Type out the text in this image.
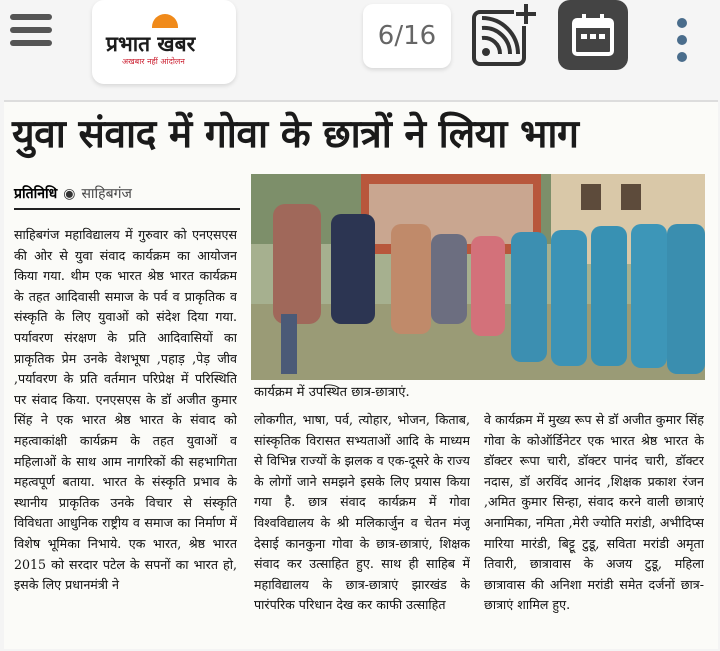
प्रभात खबर
अखबार नहीं आंदोलन
6/16
युवा संवाद में गोवा के छात्रों ने लिया भाग
प्रतिनिधि ◉ साहिबगंज
साहिबगंज महाविद्यालय में गुरुवार को एनएसएस की ओर से युवा संवाद कार्यक्रम का आयोजन किया गया. थीम एक भारत श्रेष्ठ भारत कार्यक्रम के तहत आदिवासी समाज के पर्व व प्राकृतिक व संस्कृति के लिए युवाओं को संदेश दिया गया. पर्यावरण संरक्षण के प्रति आदिवासियों का प्राकृतिक प्रेम उनके वेशभूषा ,पहाड़ ,पेड़ जीव ,पर्यावरण के प्रति वर्तमान परिप्रेक्ष में परिस्थिति पर संवाद किया. एनएसएस के डॉ अजीत कुमार सिंह ने एक भारत श्रेष्ठ भारत के संवाद को महत्वाकांक्षी कार्यक्रम के तहत युवाओं व महिलाओं के साथ आम नागरिकों की सहभागिता महत्वपूर्ण बताया. भारत के संस्कृति प्रभाव के स्थानीय प्राकृतिक उनके विचार से संस्कृति विविधता आधुनिक राष्ट्रीय व समाज का निर्माण में विशेष भूमिका निभाये. एक भारत, श्रेष्ठ भारत 2015 को सरदार पटेल के सपनों का भारत हो, इसके लिए प्रधानमंत्री ने
कार्यक्रम में उपस्थित छात्र-छात्राएं.
लोकगीत, भाषा, पर्व, त्योहार, भोजन, किताब, सांस्कृतिक विरासत सभ्यताओं आदि के माध्यम से विभिन्न राज्यों के झलक व एक-दूसरे के राज्य के लोगों जाने समझने इसके लिए प्रयास किया गया है. छात्र संवाद कार्यक्रम में गोवा विश्वविद्यालय के श्री मलिकार्जुन व चेतन मंजू देसाई कानकुना गोवा के छात्र-छात्राएं, शिक्षक संवाद कर उत्साहित हुए. साथ ही साहिब में महाविद्यालय के छात्र-छात्राएं झारखंड के पारंपरिक परिधान देख कर काफी उत्साहित
वे कार्यक्रम में मुख्य रूप से डॉ अजीत कुमार सिंह गोवा के कोऑर्डिनेटर एक भारत श्रेष्ठ भारत के डॉक्टर रूपा चारी, डॉक्टर पानंद चारी, डॉक्टर नदास, डॉ अरविंद आनंद ,शिक्षक प्रकाश रंजन ,अमित कुमार सिन्हा, संवाद करने वाली छात्राएं अनामिका, नमिता ,मेरी ज्योति मरांडी, अभीदिप्स मारिया मारंडी, बिट्टू टुडू, सविता मरांडी अमृता तिवारी, छात्रावास के अजय टुडू, महिला छात्रावास की अनिशा मरांडी समेत दर्जनों छात्र-छात्राएं शामिल हुए.
